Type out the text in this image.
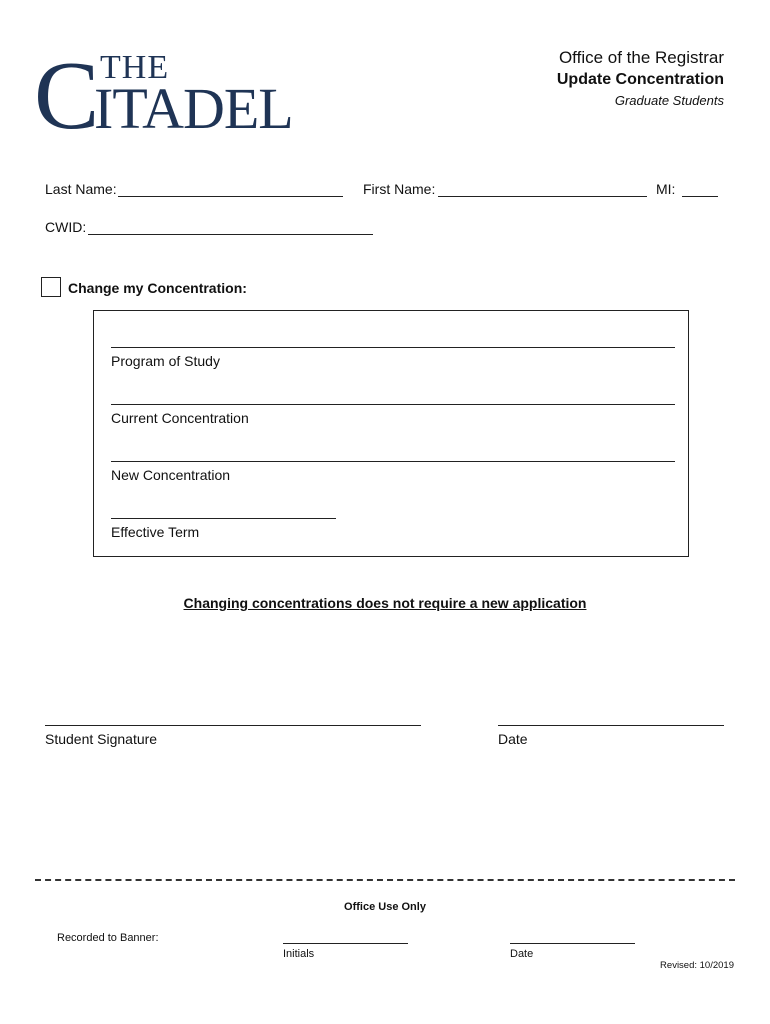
C THE
ITADEL
Office of the Registrar
Update Concentration
Graduate Students
Last Name:	First Name:	MI:
CWID:
Change my Concentration:
Program of Study
Current Concentration
New Concentration
Effective Term
Changing concentrations does not require a new application
Student Signature	Date
Office Use Only
Recorded to Banner:
Initials	Date
Revised: 10/2019
